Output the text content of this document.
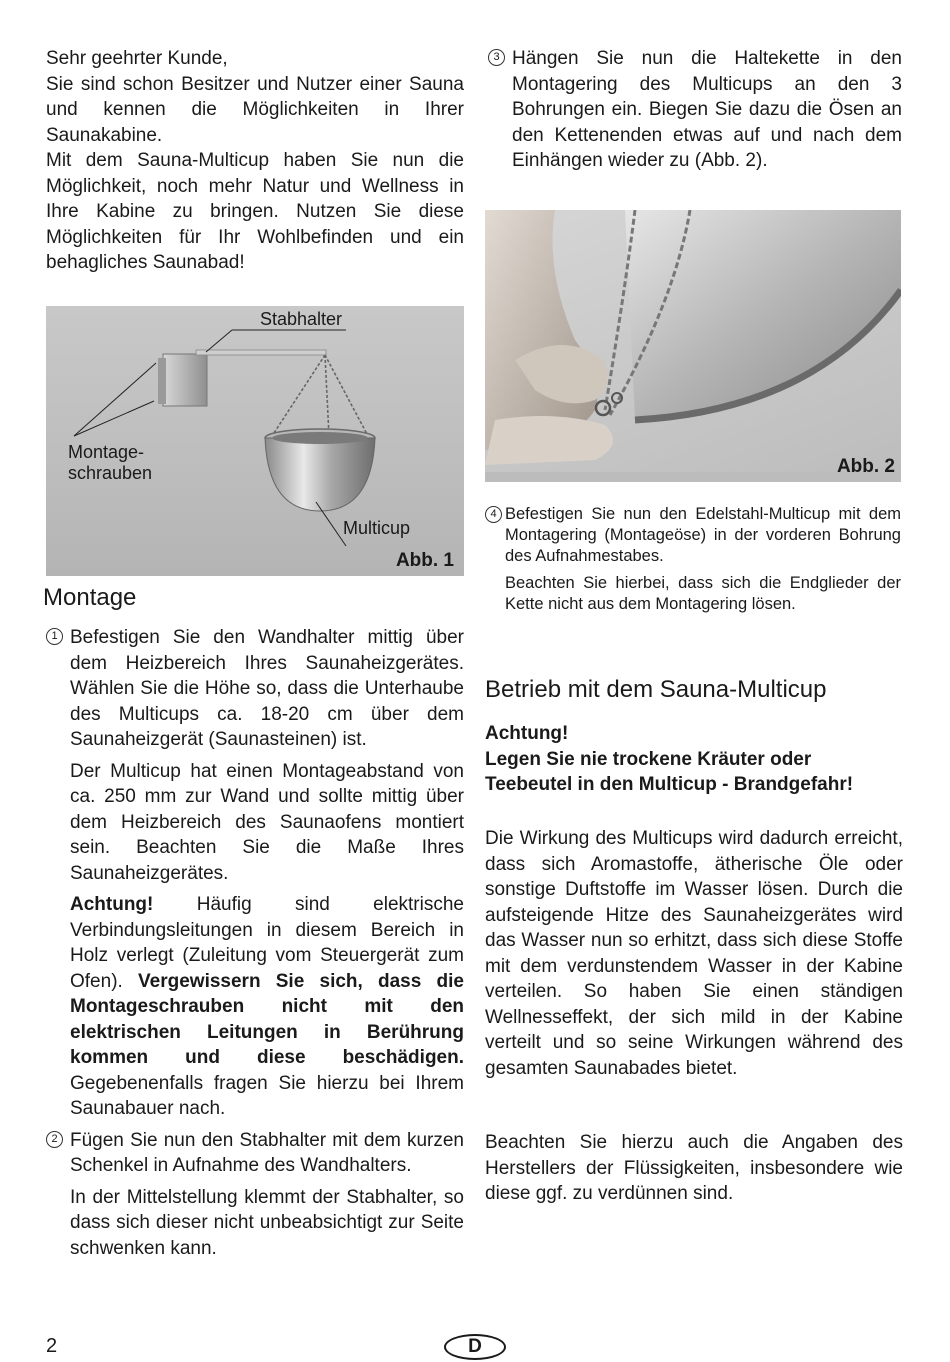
Sehr geehrter Kunde,
Sie sind schon Besitzer und Nutzer einer Sauna und kennen die Möglichkeiten in Ihrer Saunakabine.
Mit dem Sauna-Multicup haben Sie nun die Möglichkeit, noch mehr Natur und Wellness in Ihre Kabine zu bringen. Nutzen Sie diese Möglichkeiten für Ihr Wohlbefinden und ein behagliches Saunabad!
Stabhalter
Montage-
schrauben
Multicup
Abb. 1
Montage
1 Befestigen Sie den Wandhalter mittig über dem Heizbereich Ihres Saunaheizgerätes. Wählen Sie die Höhe so, dass die Unterhaube des Multicups ca. 18-20 cm über dem Saunaheizgerät (Saunasteinen) ist.
Der Multicup hat einen Montageabstand von ca. 250 mm zur Wand und sollte mittig über dem Heizbereich des Saunaofens montiert sein. Beachten Sie die Maße Ihres Saunaheizgerätes.
Achtung! Häufig sind elektrische Verbindungsleitungen in diesem Bereich in Holz verlegt (Zuleitung vom Steuergerät zum Ofen). Vergewissern Sie sich, dass die Montageschrauben nicht mit den elektrischen Leitungen in Berührung kommen und diese beschädigen. Gegebenenfalls fragen Sie hierzu bei Ihrem Saunabauer nach.
2 Fügen Sie nun den Stabhalter mit dem kurzen Schenkel in Aufnahme des Wandhalters.
In der Mittelstellung klemmt der Stabhalter, so dass sich dieser nicht unbeabsichtigt zur Seite schwenken kann.
3 Hängen Sie nun die Haltekette in den Montagering des Multicups an den 3 Bohrungen ein. Biegen Sie dazu die Ösen an den Kettenenden etwas auf und nach dem Einhängen wieder zu (Abb. 2).
Abb. 2
4 Befestigen Sie nun den Edelstahl-Multicup mit dem Montagering (Montageöse) in der vorderen Bohrung des Aufnahmestabes.
Beachten Sie hierbei, dass sich die Endglieder der Kette nicht aus dem Montagering lösen.
Betrieb mit dem Sauna-Multicup
Achtung!
Legen Sie nie trockene Kräuter oder Teebeutel in den Multicup - Brandgefahr!
Die Wirkung des Multicups wird dadurch erreicht, dass sich Aromastoffe, ätherische Öle oder sonstige Duftstoffe im Wasser lösen. Durch die aufsteigende Hitze des Saunaheizgerätes wird das Wasser nun so erhitzt, dass sich diese Stoffe mit dem verdunstendem Wasser in der Kabine verteilen. So haben Sie einen ständigen Wellnesseffekt, der sich mild in der Kabine verteilt und so seine Wirkungen während des gesamten Saunabades bietet.
Beachten Sie hierzu auch die Angaben des Herstellers der Flüssigkeiten, insbesondere wie diese ggf. zu verdünnen sind.
2	D
